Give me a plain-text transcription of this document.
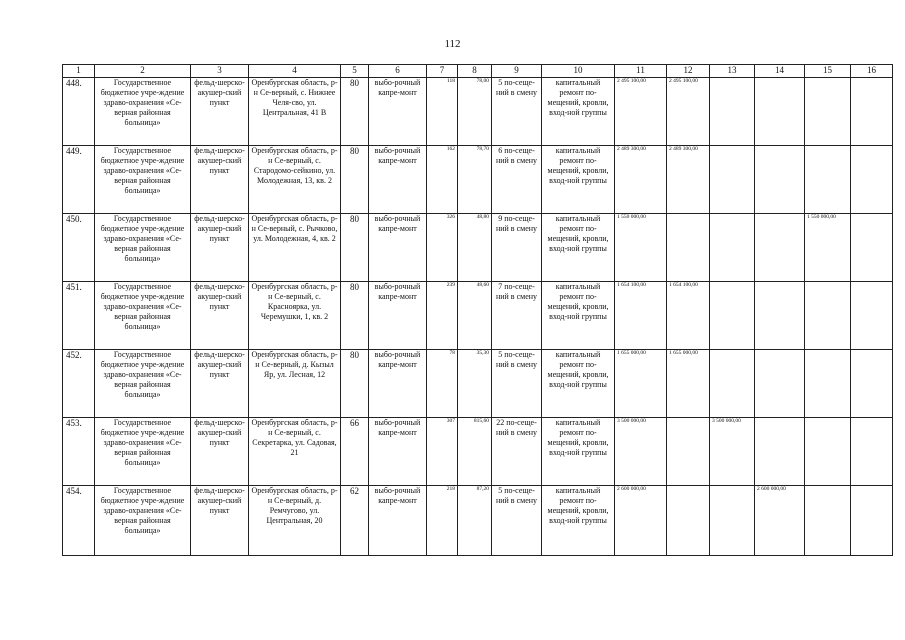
112
1	2	3	4	5	6	7	8	9	10	11	12	13	14	15	16
448.	Государственное бюджетное учре-ждение здраво-охранения «Се-верная районная больница»	фельд-шерско-акушер-ский пункт	Оренбургская область, р-н Се-верный, с. Нижнее Челя-сво, ул. Центральная, 41 В	80	выбо-рочный капре-монт	118	78,00	5 по-сеще-ний в смену	капитальный ремонт по-мещений, кровли, вход-ной группы	2 495 100,00	2 495 100,00				
449.	Государственное бюджетное учре-ждение здраво-охранения «Се-верная районная больница»	фельд-шерско-акушер-ский пункт	Оренбургская область, р-н Се-верный, с. Стародомо-сейкино, ул. Молодежная, 13, кв. 2	80	выбо-рочный капре-монт	162	78,70	6 по-сеще-ний в смену	капитальный ремонт по-мещений, кровли, вход-ной группы	2 489 300,00	2 489 300,00				
450.	Государственное бюджетное учре-ждение здраво-охранения «Се-верная районная больница»	фельд-шерско-акушер-ский пункт	Оренбургская область, р-н Се-верный, с. Рычково, ул. Молодежная, 4, кв. 2	80	выбо-рочный капре-монт	326	48,80	9 по-сеще-ний в смену	капитальный ремонт по-мещений, кровли, вход-ной группы	1 550 000,00				1 550 000,00	
451.	Государственное бюджетное учре-ждение здраво-охранения «Се-верная районная больница»	фельд-шерско-акушер-ский пункт	Оренбургская область, р-н Се-верный, с. Красноярка, ул. Черемушки, 1, кв. 2	80	выбо-рочный капре-монт	239	48,60	7 по-сеще-ний в смену	капитальный ремонт по-мещений, кровли, вход-ной группы	1 654 100,00	1 654 100,00				
452.	Государственное бюджетное учре-ждение здраво-охранения «Се-верная районная больница»	фельд-шерско-акушер-ский пункт	Оренбургская область, р-н Се-верный, д. Кызыл Яр, ул. Лесная, 12	80	выбо-рочный капре-монт	78	35,30	5 по-сеще-ний в смену	капитальный ремонт по-мещений, кровли, вход-ной группы	1 655 000,00	1 655 000,00				
453.	Государственное бюджетное учре-ждение здраво-охранения «Се-верная районная больница»	фельд-шерско-акушер-ский пункт	Оренбургская область, р-н Се-верный, с. Секретарка, ул. Садовая, 21	66	выбо-рочный капре-монт	307	815,60	22 по-сеще-ний в смену	капитальный ремонт по-мещений, кровли, вход-ной группы	3 500 000,00		3 500 000,00			
454.	Государственное бюджетное учре-ждение здраво-охранения «Се-верная районная больница»	фельд-шерско-акушер-ский пункт	Оренбургская область, р-н Се-верный, д. Ремчугово, ул. Центральная, 20	62	выбо-рочный капре-монт	218	87,20	5 по-сеще-ний в смену	капитальный ремонт по-мещений, кровли, вход-ной группы	2 600 000,00			2 600 000,00		
